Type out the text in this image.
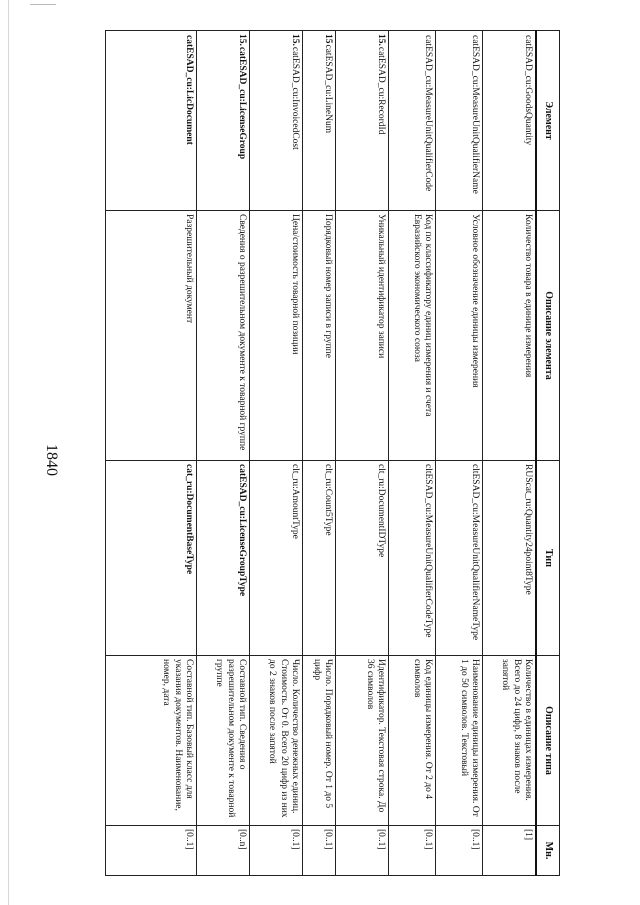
1840
Элемент	Описание элемента	Тип	Описание типа	Мн.
catESAD_cu:GoodsQuantity	Количество товара в единице измерения	RUScat_ru:Quantity24point8Type	Количество в единицах измерения. Всего до 24 цифр, 8 знаков после запятой	[1]
catESAD_cu:MeasureUnitQualifierName	Условное обозначение единицы измерения	cltESAD_cu:MeasureUnitQualifierNameType	Наименование единицы измерения. От 1 до 50 символов. Текстовый	[0..1]
catESAD_cu:MeasureUnitQualifierCode	Код по классификатору единиц измерения и счета Евразийского экономического союза	cltESAD_cu:MeasureUnitQualifierCodeType	Код единицы измерения. От 2 до 4 символов	[0..1]
15.catESAD_cu:RecordId	Уникальный идентификатор записи	clt_ru:DocumentIDType	Идентификатор. Текстовая строка. До 36 символов	[0..1]
15catESAD_cu:LineNum	Порядковый номер записи в группе	clt_ru:Count5Type	Число. Порядковый номер. От 1 до 5 цифр	[0..1]
15.catESAD_cu:InvoicedCost	Цена/стоимость товарной позиции	clt_ru:AmountType	Число. Количество денежных единиц. Стоимость. От 0. Всего 20 цифр из них до 2 знаков после запятой	[0..1]
15.catESAD_cu:LicenseGroup	Сведения о разрешительном документе к товарной группе	catESAD_cu:LicenseGroupType	Составной тип. Сведения о разрешительном документе к товарной группе	[0..n]
catESAD_cu:LicDocument	Разрешительный документ	cat_ru:DocumentBaseType	Составной тип. Базовый класс для указания документов. Наименование, номер, дата	[0..1]
